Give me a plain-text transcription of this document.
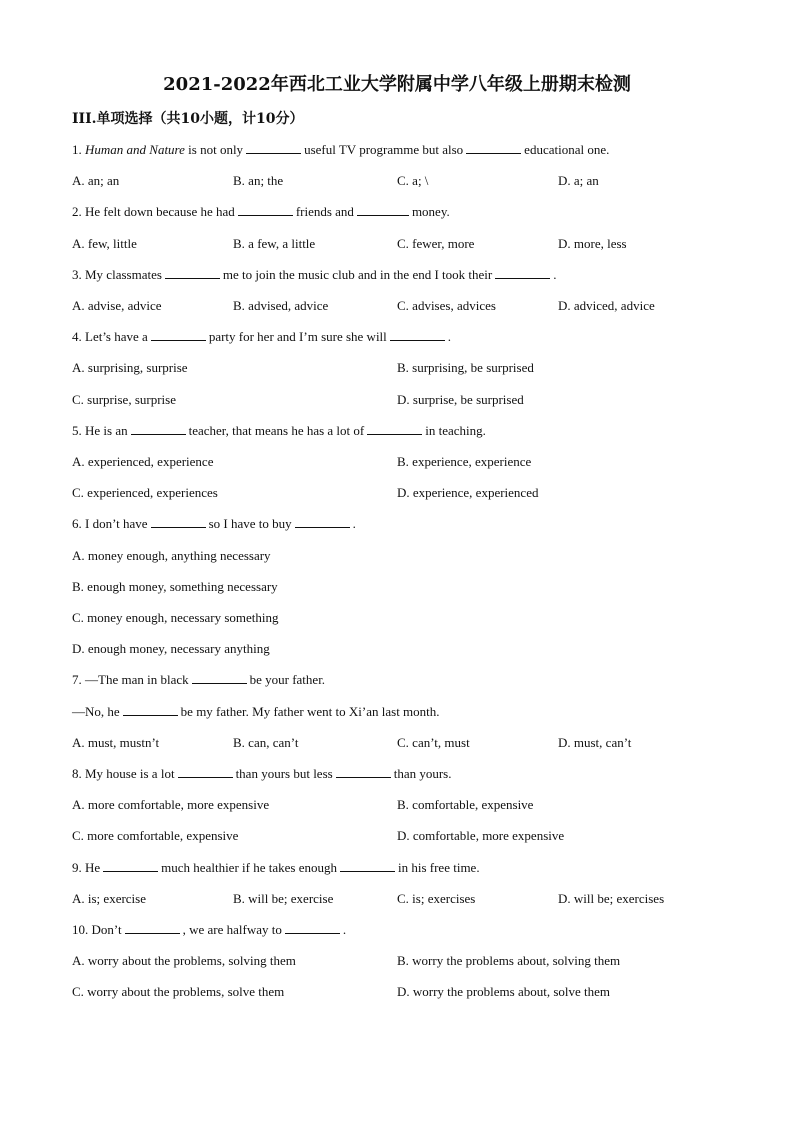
2021-2022年西北工业大学附属中学八年级上册期末检测
III.单项选择（共10小题，计10分）
1. Human and Nature is not only	useful TV programme but also	educational one.
A. an; an	B. an; the	C. a; \	D. a; an
2. He felt down because he had	friends and	money.
A. few, little	B. a few, a little	C. fewer, more	D. more, less
3. My classmates	me to join the music club and in the end I took their	.
A. advise, advice	B. advised, advice	C. advises, advices	D. adviced, advice
4. Let’s have a	party for her and I’m sure she will	.
A. surprising, surprise	B. surprising, be surprised
C. surprise, surprise	D. surprise, be surprised
5. He is an	teacher, that means he has a lot of	in teaching.
A. experienced, experience	B. experience, experience
C. experienced, experiences	D. experience, experienced
6. I don’t have	so I have to buy	.
A. money enough, anything necessary
B. enough money, something necessary
C. money enough, necessary something
D. enough money, necessary anything
7. —The man in black	be your father.
—No, he	be my father. My father went to Xi’an last month.
A. must, mustn’t	B. can, can’t	C. can’t, must	D. must, can’t
8. My house is a lot	than yours but less	than yours.
A. more comfortable, more expensive	B. comfortable, expensive
C. more comfortable, expensive	D. comfortable, more expensive
9. He	much healthier if he takes enough	in his free time.
A. is; exercise	B. will be; exercise	C. is; exercises	D. will be; exercises
10. Don’t	, we are halfway to	.
A. worry about the problems, solving them	B. worry the problems about, solving them
C. worry about the problems, solve them	D. worry the problems about, solve them
